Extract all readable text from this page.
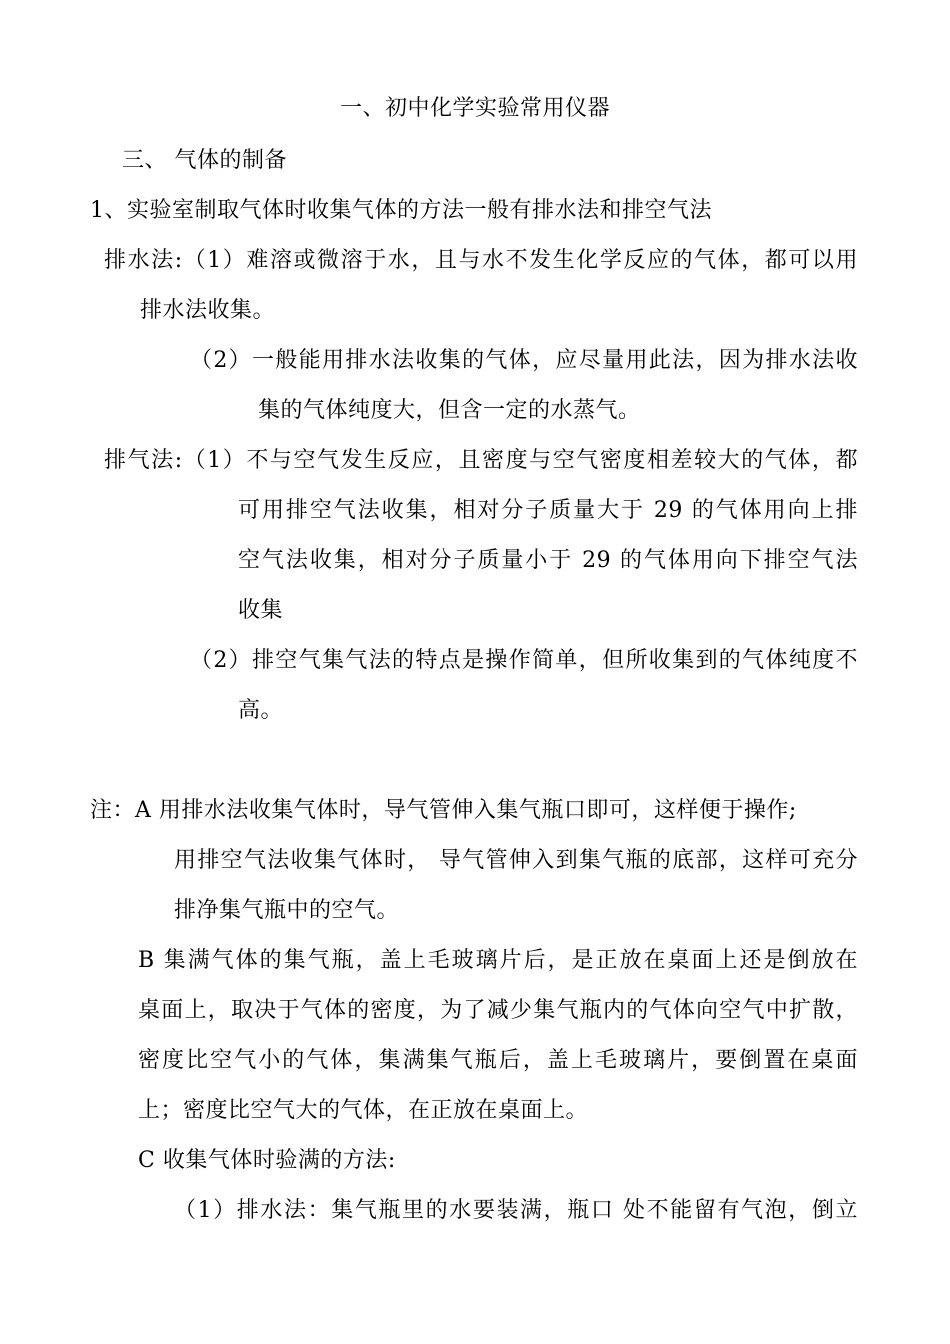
一、初中化学实验常用仪器
三、 气体的制备
1、实验室制取气体时收集气体的方法一般有排水法和排空气法
排水法:（1）难溶或微溶于水，且与水不发生化学反应的气体，都可以用
排水法收集。
（2）一般能用排水法收集的气体，应尽量用此法，因为排水法收
集的气体纯度大，但含一定的水蒸气。
排气法:（1）不与空气发生反应，且密度与空气密度相差较大的气体，都
可用排空气法收集，相对分子质量大于 29 的气体用向上排
空气法收集，相对分子质量小于 29 的气体用向下排空气法
收集
（2）排空气集气法的特点是操作简单，但所收集到的气体纯度不
高。
注：A 用排水法收集气体时，导气管伸入集气瓶口即可，这样便于操作;
用排空气法收集气体时， 导气管伸入到集气瓶的底部，这样可充分
排净集气瓶中的空气。
B 集满气体的集气瓶，盖上毛玻璃片后，是正放在桌面上还是倒放在
桌面上，取决于气体的密度，为了减少集气瓶内的气体向空气中扩散，
密度比空气小的气体，集满集气瓶后，盖上毛玻璃片，要倒置在桌面
上；密度比空气大的气体，在正放在桌面上。
C 收集气体时验满的方法:
（1）排水法：集气瓶里的水要装满，瓶口 处不能留有气泡，倒立
